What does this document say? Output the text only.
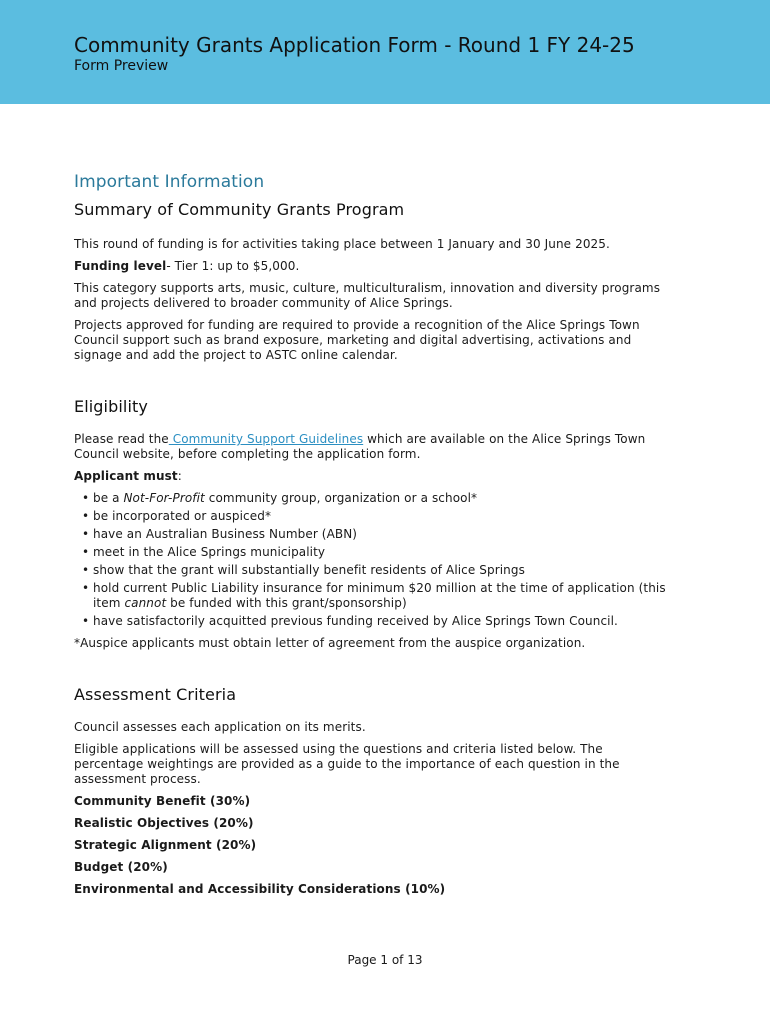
Community Grants Application Form - Round 1 FY 24-25
Form Preview
Important Information
Summary of Community Grants Program

This round of funding is for activities taking place between 1 January and 30 June 2025.

Funding level- Tier 1: up to $5,000.

This category supports arts, music, culture, multiculturalism, innovation and diversity programs and projects delivered to broader community of Alice Springs.

Projects approved for funding are required to provide a recognition of the Alice Springs Town Council support such as brand exposure, marketing and digital advertising, activations and signage and add the project to ASTC online calendar.

Eligibility

Please read the Community Support Guidelines which are available on the Alice Springs Town Council website, before completing the application form.

Applicant must:

• be a Not-For-Profit community group, organization or a school*
• be incorporated or auspiced*
• have an Australian Business Number (ABN)
• meet in the Alice Springs municipality
• show that the grant will substantially benefit residents of Alice Springs
• hold current Public Liability insurance for minimum $20 million at the time of application (this item cannot be funded with this grant/sponsorship)
• have satisfactorily acquitted previous funding received by Alice Springs Town Council.

*Auspice applicants must obtain letter of agreement from the auspice organization.

Assessment Criteria

Council assesses each application on its merits.

Eligible applications will be assessed using the questions and criteria listed below. The percentage weightings are provided as a guide to the importance of each question in the assessment process.

Community Benefit (30%)

Realistic Objectives (20%)

Strategic Alignment (20%)

Budget (20%)

Environmental and Accessibility Considerations (10%)

Page 1 of 13
